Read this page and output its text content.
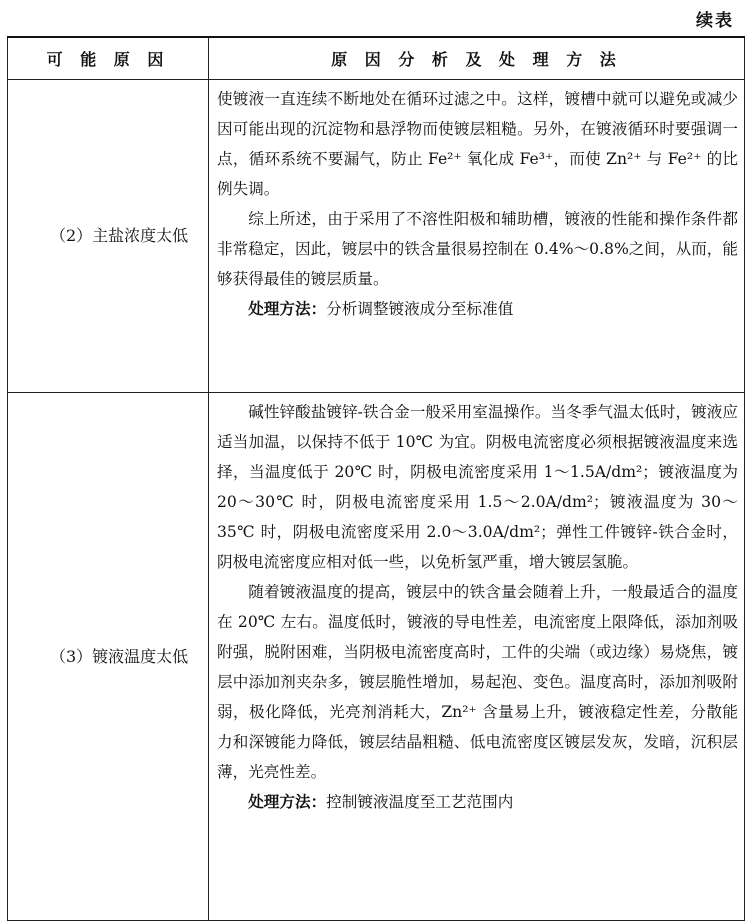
续表
可 能 原 因	原 因 分 析 及 处 理 方 法
（2）主盐浓度太低	使镀液一直连续不断地处在循环过滤之中。这样，镀槽中就可以避免或减少因可能出现的沉淀物和悬浮物而使镀层粗糙。另外，在镀液循环时要强调一点，循环系统不要漏气，防止 Fe²⁺ 氧化成 Fe³⁺，而使 Zn²⁺ 与 Fe²⁺ 的比例失调。

综上所述，由于采用了不溶性阳极和辅助槽，镀液的性能和操作条件都非常稳定，因此，镀层中的铁含量很易控制在 0.4%～0.8%之间，从而，能够获得最佳的镀层质量。

处理方法：分析调整镀液成分至标准值

（3）镀液温度太低	碱性锌酸盐镀锌-铁合金一般采用室温操作。当冬季气温太低时，镀液应适当加温，以保持不低于 10℃ 为宜。阴极电流密度必须根据镀液温度来选择，当温度低于 20℃ 时，阴极电流密度采用 1～1.5A/dm²；镀液温度为 20～30℃ 时，阴极电流密度采用 1.5～2.0A/dm²；镀液温度为 30～35℃ 时，阴极电流密度采用 2.0～3.0A/dm²；弹性工件镀锌-铁合金时，阴极电流密度应相对低一些，以免析氢严重，增大镀层氢脆。

随着镀液温度的提高，镀层中的铁含量会随着上升，一般最适合的温度在 20℃ 左右。温度低时，镀液的导电性差，电流密度上限降低，添加剂吸附强，脱附困难，当阴极电流密度高时，工件的尖端（或边缘）易烧焦，镀层中添加剂夹杂多，镀层脆性增加，易起泡、变色。温度高时，添加剂吸附弱，极化降低，光亮剂消耗大，Zn²⁺ 含量易上升，镀液稳定性差，分散能力和深镀能力降低，镀层结晶粗糙、低电流密度区镀层发灰，发暗，沉积层薄，光亮性差。

处理方法：控制镀液温度至工艺范围内
